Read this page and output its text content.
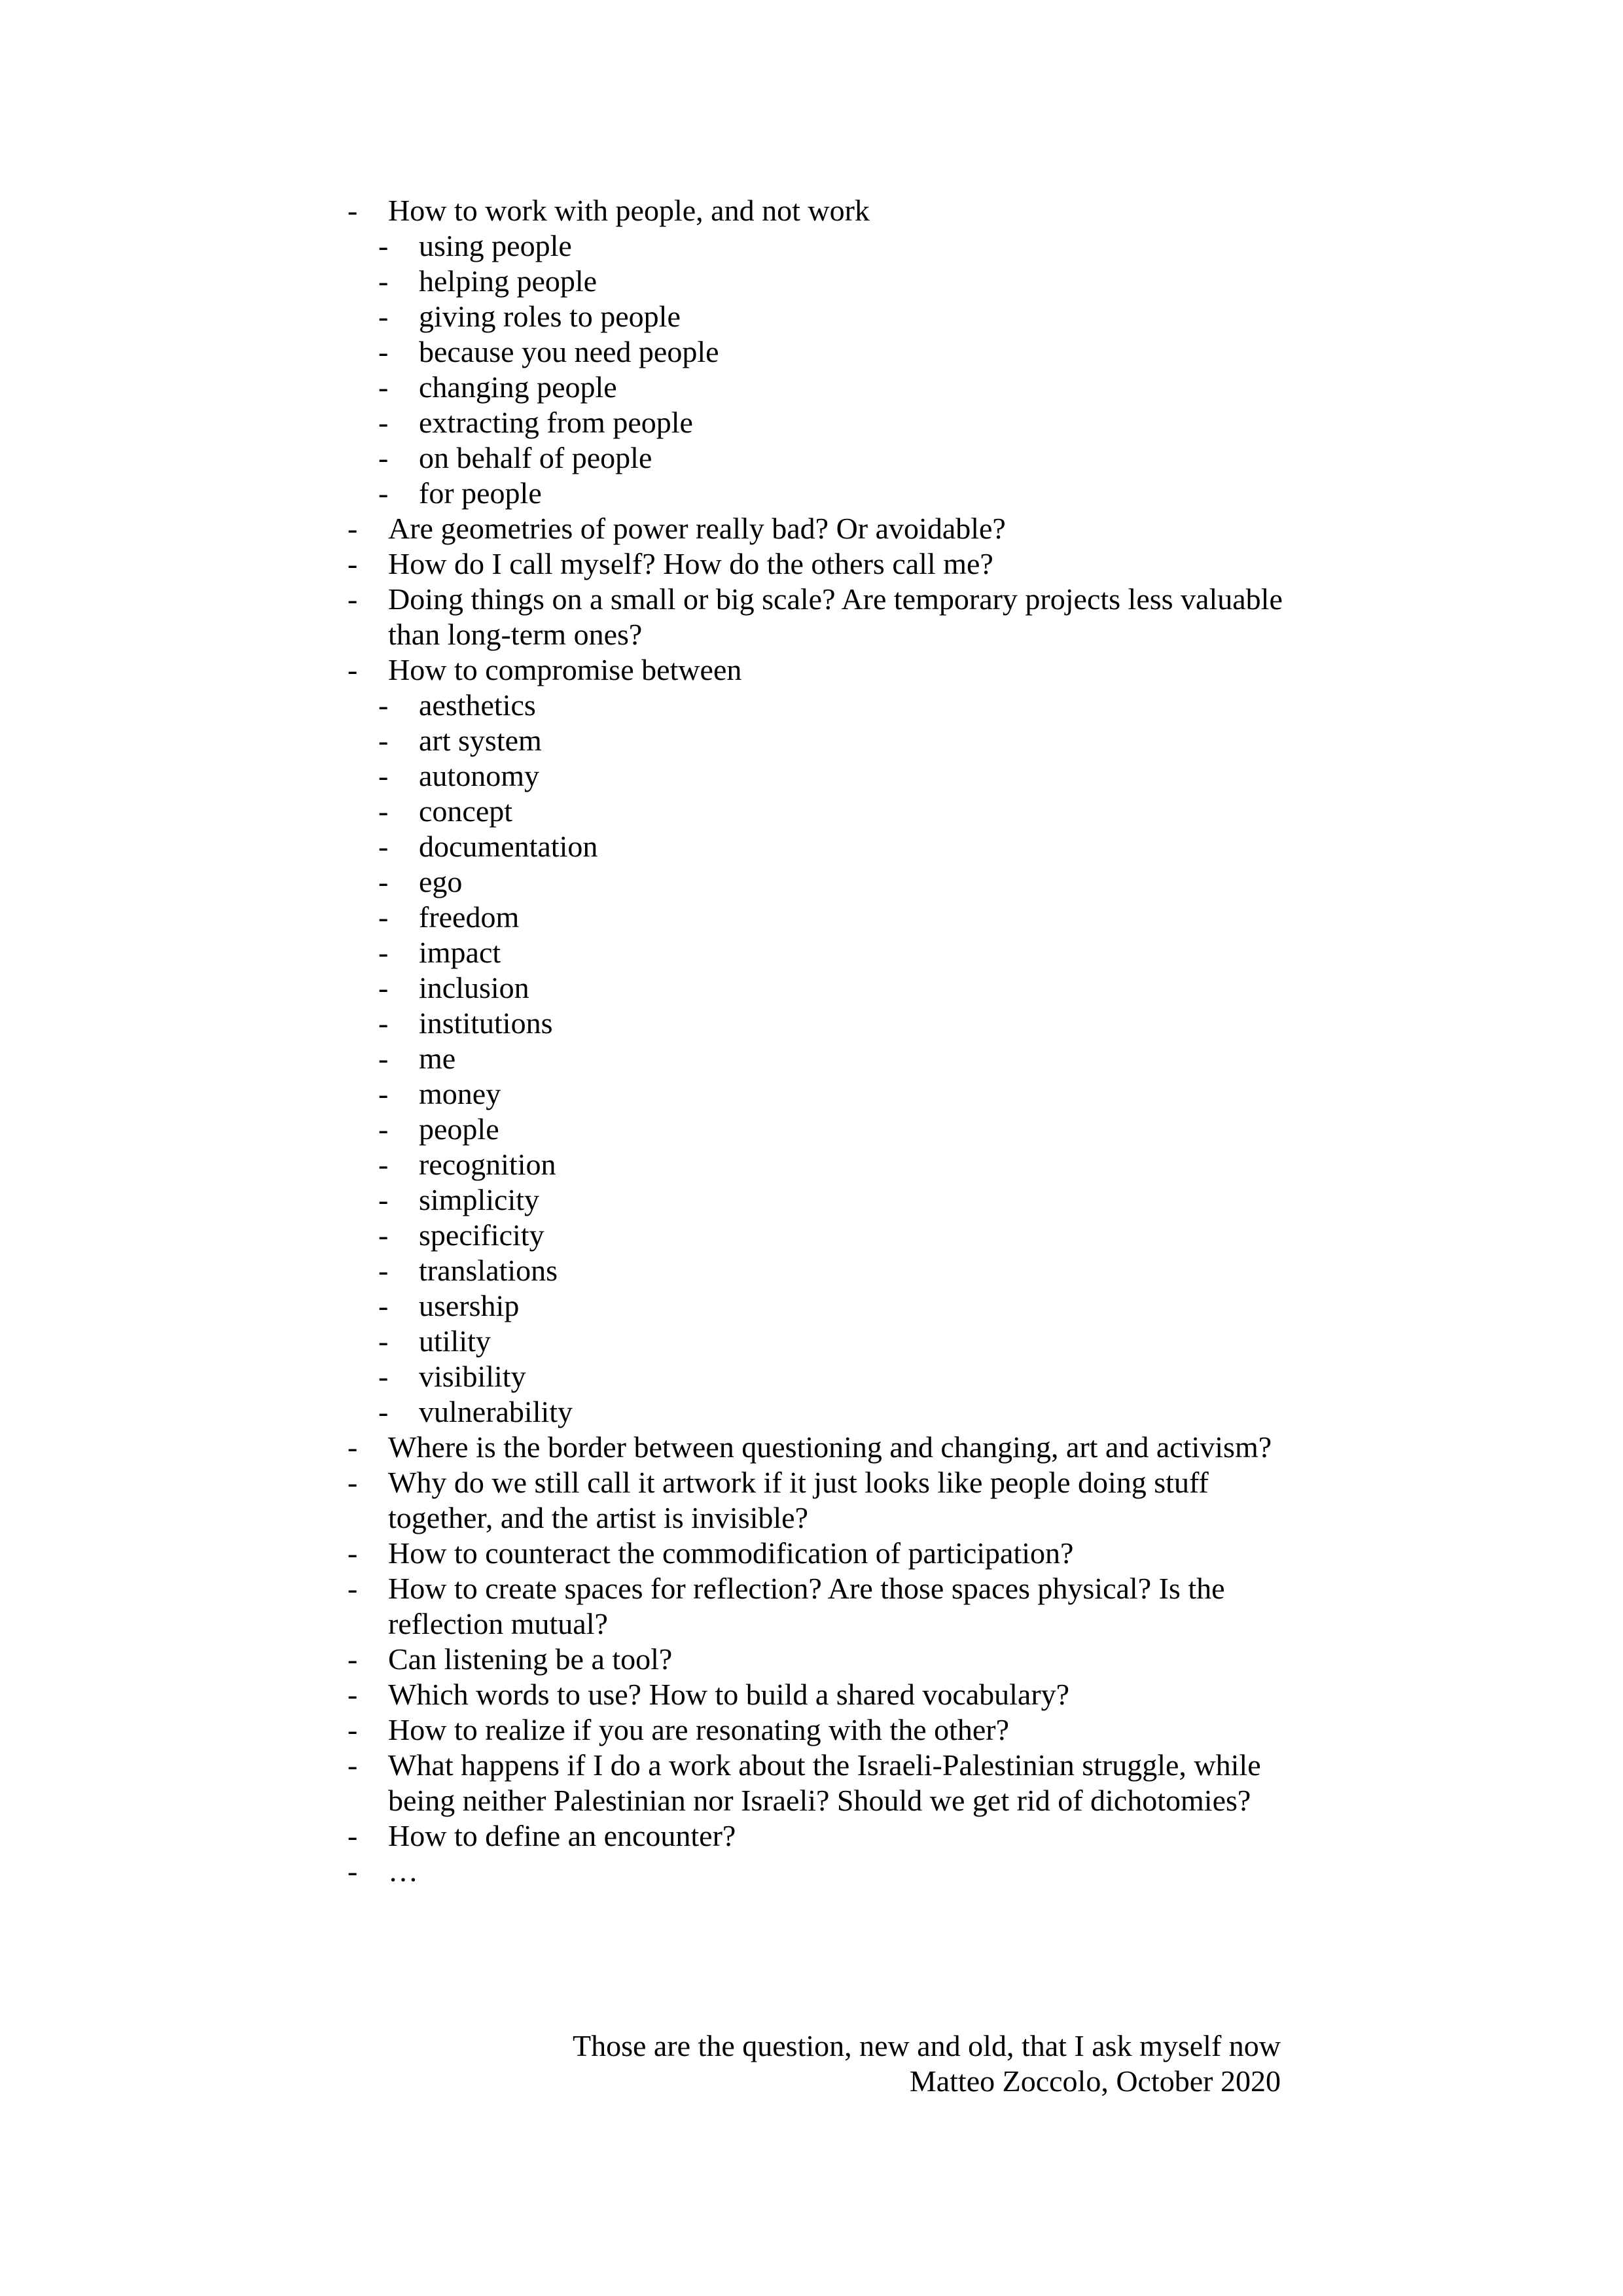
- How to work with people, and not work
- using people
- helping people
- giving roles to people
- because you need people
- changing people
- extracting from people
- on behalf of people
- for people
- Are geometries of power really bad? Or avoidable?
- How do I call myself? How do the others call me?
- Doing things on a small or big scale? Are temporary projects less valuable than long-term ones?
- How to compromise between
- aesthetics
- art system
- autonomy
- concept
- documentation
- ego
- freedom
- impact
- inclusion
- institutions
- me
- money
- people
- recognition
- simplicity
- specificity
- translations
- usership
- utility
- visibility
- vulnerability
- Where is the border between questioning and changing, art and activism?
- Why do we still call it artwork if it just looks like people doing stuff together, and the artist is invisible?
- How to counteract the commodification of participation?
- How to create spaces for reflection? Are those spaces physical? Is the reflection mutual?
- Can listening be a tool?
- Which words to use? How to build a shared vocabulary?
- How to realize if you are resonating with the other?
- What happens if I do a work about the Israeli-Palestinian struggle, while being neither Palestinian nor Israeli? Should we get rid of dichotomies?
- How to define an encounter?
- …
Those are the question, new and old, that I ask myself now
Matteo Zoccolo, October 2020
